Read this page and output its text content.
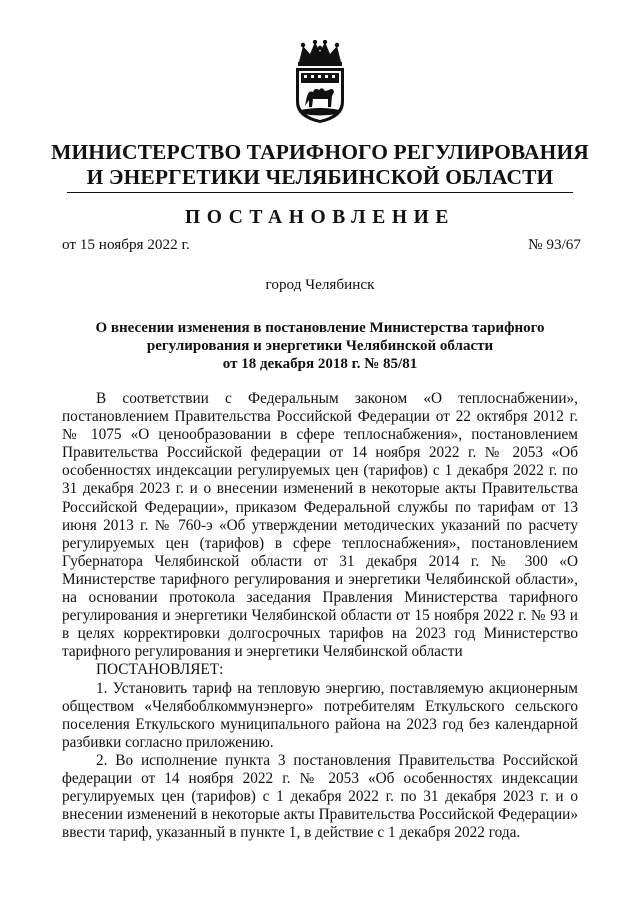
МИНИСТЕРСТВО ТАРИФНОГО РЕГУЛИРОВАНИЯ
И ЭНЕРГЕТИКИ ЧЕЛЯБИНСКОЙ ОБЛАСТИ
ПОСТАНОВЛЕНИЕ
от 15 ноября 2022 г.	№ 93/67
город Челябинск
О внесении изменения в постановление Министерства тарифного
регулирования и энергетики Челябинской области
от 18 декабря 2018 г. № 85/81

В соответствии с Федеральным законом «О теплоснабжении», постановлением Правительства Российской Федерации от 22 октября 2012 г. № 1075 «О ценообразовании в сфере теплоснабжения», постановлением Правительства Российской федерации от 14 ноября 2022 г. № 2053 «Об особенностях индексации регулируемых цен (тарифов) с 1 декабря 2022 г. по 31 декабря 2023 г. и о внесении изменений в некоторые акты Правительства Российской Федерации», приказом Федеральной службы по тарифам от 13 июня 2013 г. № 760-э «Об утверждении методических указаний по расчету регулируемых цен (тарифов) в сфере теплоснабжения», постановлением Губернатора Челябинской области от 31 декабря 2014 г. № 300 «О Министерстве тарифного регулирования и энергетики Челябинской области», на основании протокола заседания Правления Министерства тарифного регулирования и энергетики Челябинской области от 15 ноября 2022 г. № 93 и в целях корректировки долгосрочных тарифов на 2023 год Министерство тарифного регулирования и энергетики Челябинской области

ПОСТАНОВЛЯЕТ:

1. Установить тариф на тепловую энергию, поставляемую акционерным обществом «Челябоблкоммунэнерго» потребителям Еткульского сельского поселения Еткульского муниципального района на 2023 год без календарной разбивки согласно приложению.

2. Во исполнение пункта 3 постановления Правительства Российской федерации от 14 ноября 2022 г. № 2053 «Об особенностях индексации регулируемых цен (тарифов) с 1 декабря 2022 г. по 31 декабря 2023 г. и о внесении изменений в некоторые акты Правительства Российской Федерации» ввести тариф, указанный в пункте 1, в действие с 1 декабря 2022 года.
